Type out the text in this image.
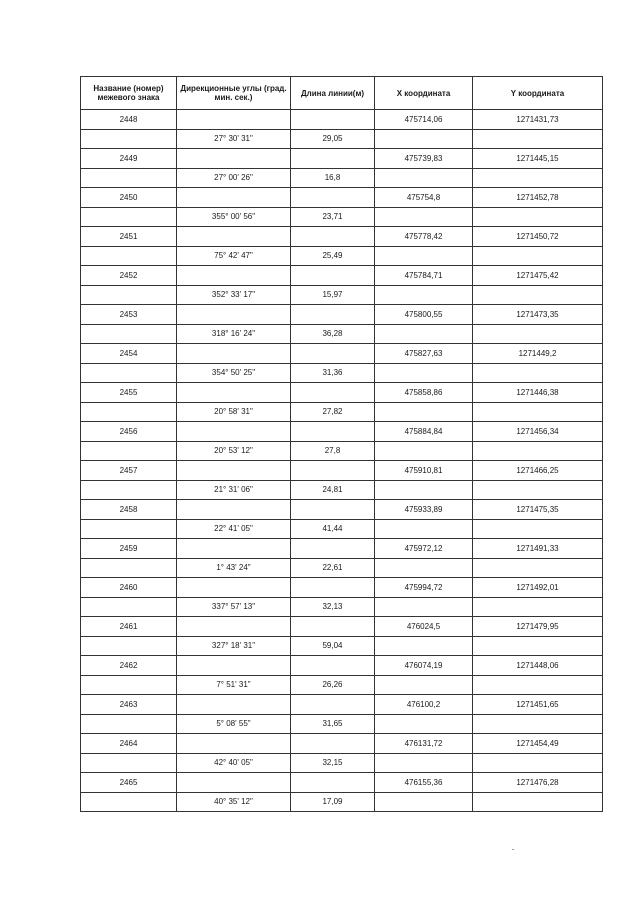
Название (номер) межевого знака	Дирекционные углы (град. мин. сек.)	Длина линии(м)	X координата	Y координата
2448			475714,06	1271431,73
	27° 30' 31"	29,05		
2449			475739,83	1271445,15
	27° 00' 26"	16,8		
2450			475754,8	1271452,78
	355° 00' 56"	23,71		
2451			475778,42	1271450,72
	75° 42' 47"	25,49		
2452			475784,71	1271475,42
	352° 33' 17"	15,97		
2453			475800,55	1271473,35
	318° 16' 24"	36,28		
2454			475827,63	1271449,2
	354° 50' 25"	31,36		
2455			475858,86	1271446,38
	20° 58' 31"	27,82		
2456			475884,84	1271456,34
	20° 53' 12"	27,8		
2457			475910,81	1271466,25
	21° 31' 06"	24,81		
2458			475933,89	1271475,35
	22° 41' 05"	41,44		
2459			475972,12	1271491,33
	1° 43' 24"	22,61		
2460			475994,72	1271492,01
	337° 57' 13"	32,13		
2461			476024,5	1271479,95
	327° 18' 31"	59,04		
2462			476074,19	1271448,06
	7° 51' 31"	26,26		
2463			476100,2	1271451,65
	5° 08' 55"	31,65		
2464			476131,72	1271454,49
	42° 40' 05"	32,15		
2465			476155,36	1271476,28
	40° 35' 12"	17,09		
